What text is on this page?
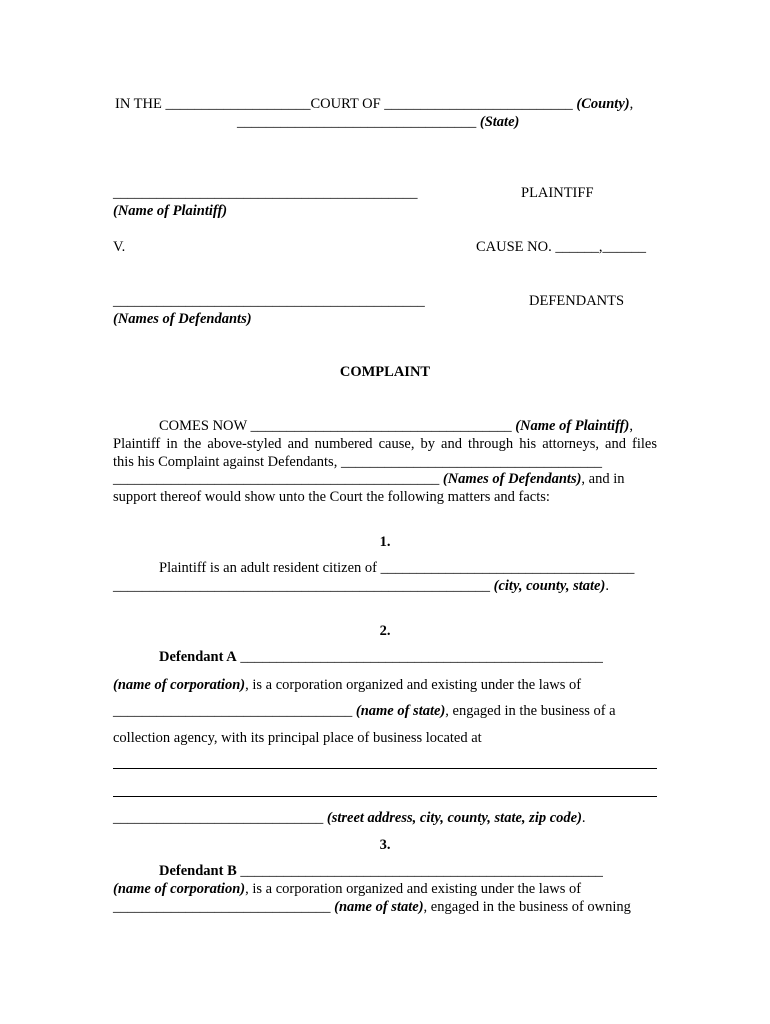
IN THE ____________________COURT OF __________________________ (County),
_________________________________ (State)
__________________________________________	PLAINTIFF
(Name of Plaintiff)
V.	CAUSE NO. ______,______
___________________________________________	DEFENDANTS
(Names of Defendants)
COMPLAINT
COMES NOW ____________________________________ (Name of Plaintiff),
Plaintiff in the above-styled and numbered cause, by and through his attorneys, and files
this his Complaint against Defendants, ____________________________________
_____________________________________________ (Names of Defendants), and in
support thereof would show unto the Court the following matters and facts:
1.
Plaintiff is an adult resident citizen of ___________________________________
____________________________________________________ (city, county, state).
2.
Defendant A __________________________________________________
(name of corporation), is a corporation organized and existing under the laws of
_________________________________ (name of state), engaged in the business of a
collection agency, with its principal place of business located at
_____________________________ (street address, city, county, state, zip code).
3.
Defendant B __________________________________________________
(name of corporation), is a corporation organized and existing under the laws of
______________________________ (name of state), engaged in the business of owning
